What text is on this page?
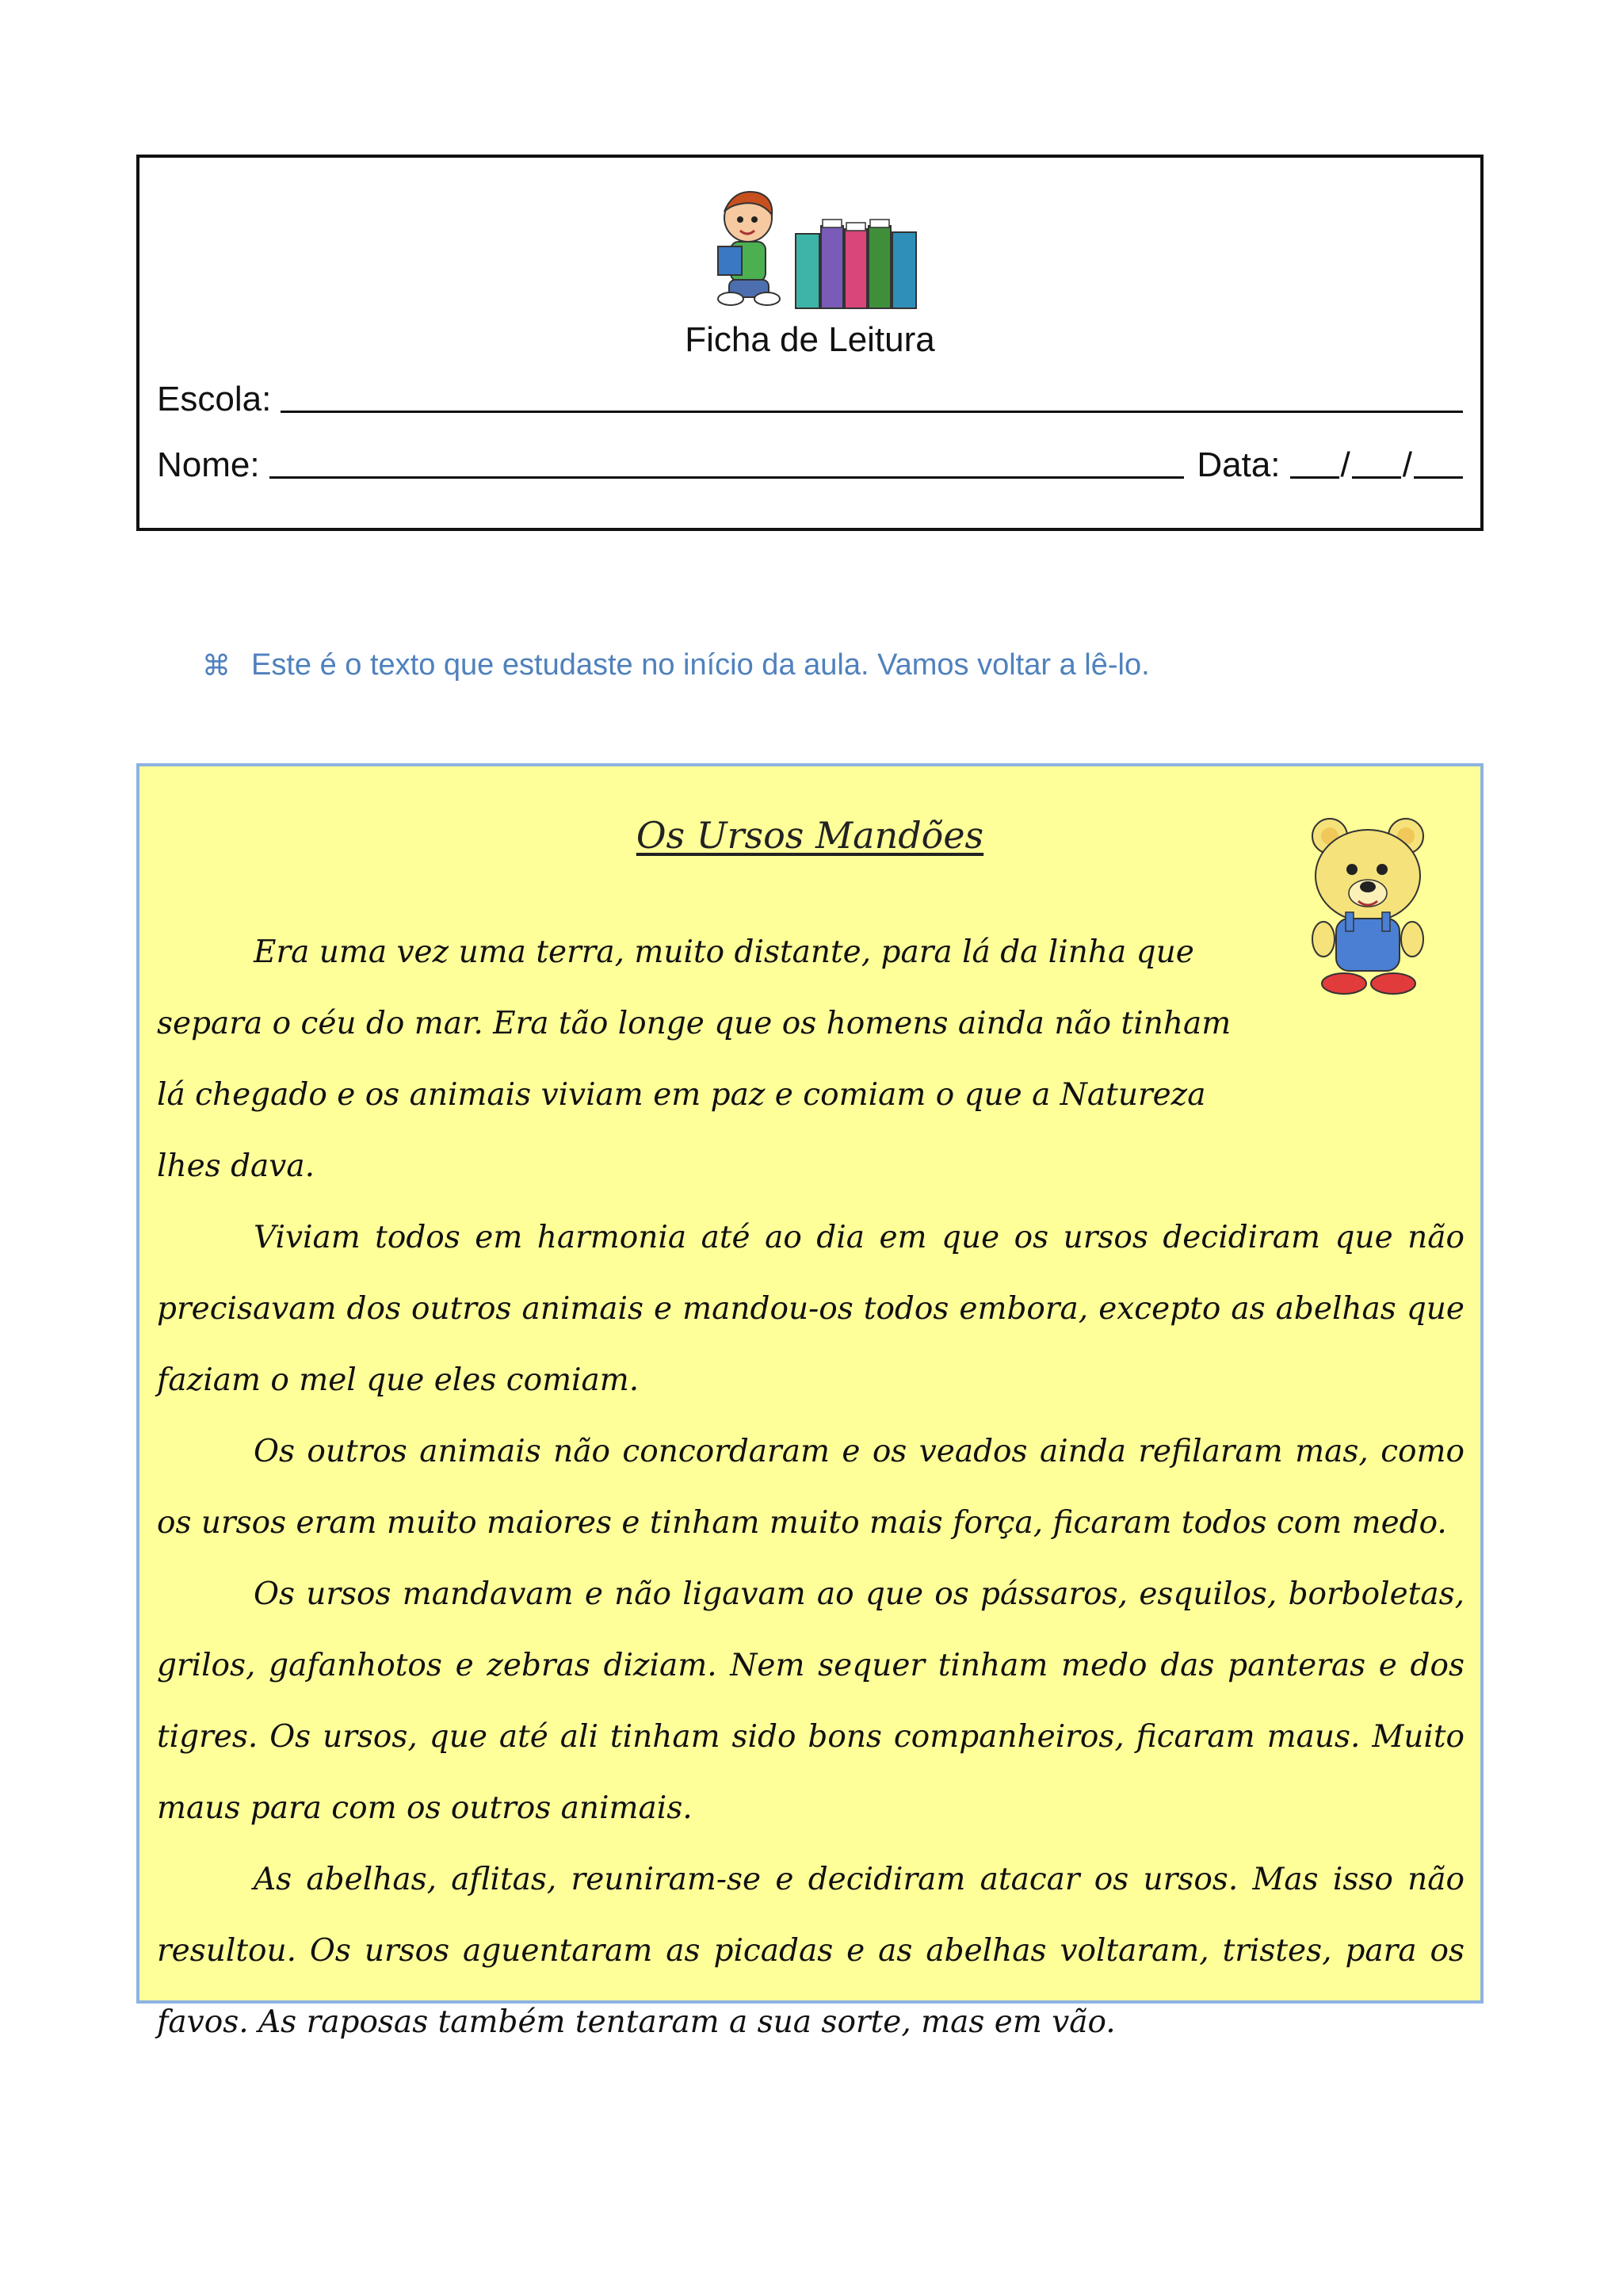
Ficha de Leitura
Escola:
Nome:	Data: / /
⌘ Este é o texto que estudaste no início da aula. Vamos voltar a lê-lo.
Os Ursos Mandões

Era uma vez uma terra, muito distante, para lá da linha que separa o céu do mar. Era tão longe que os homens ainda não tinham lá chegado e os animais viviam em paz e comiam o que a Natureza lhes dava.

Viviam todos em harmonia até ao dia em que os ursos decidiram que não precisavam dos outros animais e mandou-os todos embora, excepto as abelhas que faziam o mel que eles comiam.

Os outros animais não concordaram e os veados ainda refilaram mas, como os ursos eram muito maiores e tinham muito mais força, ficaram todos com medo.

Os ursos mandavam e não ligavam ao que os pássaros, esquilos, borboletas, grilos, gafanhotos e zebras diziam. Nem sequer tinham medo das panteras e dos tigres. Os ursos, que até ali tinham sido bons companheiros, ficaram maus. Muito maus para com os outros animais.

As abelhas, aflitas, reuniram-se e decidiram atacar os ursos. Mas isso não resultou. Os ursos aguentaram as picadas e as abelhas voltaram, tristes, para os favos. As raposas também tentaram a sua sorte, mas em vão.
